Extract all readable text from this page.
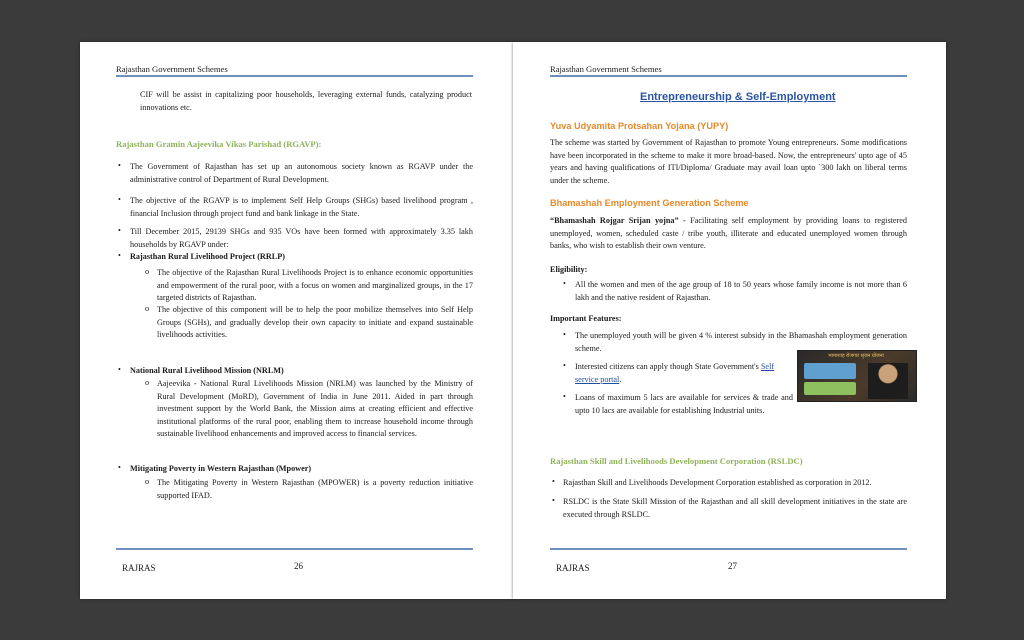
Rajasthan Government Schemes
CIF will be assist in capitalizing poor households, leveraging external funds, catalyzing product innovations etc.
Rajasthan Gramin Aajeevika Vikas Parishad (RGAVP):
• The Government of Rajasthan has set up an autonomous society known as RGAVP under the administrative control of Department of Rural Development.
• The objective of the RGAVP is to implement Self Help Groups (SHGs) based livelihood program , financial Inclusion through project fund and bank linkage in the State.
• Till December 2015, 29139 SHGs and 935 VOs have been formed with approximately 3.35 lakh households by RGAVP under:
• Rajasthan Rural Livelihood Project (RRLP)
o The objective of the Rajasthan Rural Livelihoods Project is to enhance economic opportunities and empowerment of the rural poor, with a focus on women and marginalized groups, in the 17 targeted districts of Rajasthan.
o The objective of this component will be to help the poor mobilize themselves into Self Help Groups (SGHs), and gradually develop their own capacity to initiate and expand sustainable livelihoods activities.
• National Rural Livelihood Mission (NRLM)
o Aajeevika - National Rural Livelihoods Mission (NRLM) was launched by the Ministry of Rural Development (MoRD), Government of India in June 2011. Aided in part through investment support by the World Bank, the Mission aims at creating efficient and effective institutional platforms of the rural poor, enabling them to increase household income through sustainable livelihood enhancements and improved access to financial services.
• Mitigating Poverty in Western Rajasthan (Mpower)
o The Mitigating Poverty in Western Rajasthan (MPOWER) is a poverty reduction initiative supported IFAD.
RAJRAS	26
Rajasthan Government Schemes
Entrepreneurship & Self-Employment
Yuva Udyamita Protsahan Yojana (YUPY)
The scheme was started by Government of Rajasthan to promote Young entrepreneurs. Some modifications have been incorporated in the scheme to make it more broad-based. Now, the entrepreneurs' upto age of 45 years and having qualifications of ITI/Diploma/ Graduate may avail loan upto `300 lakh on liberal terms under the scheme.
Bhamashah Employment Generation Scheme
“Bhamashah Rojgar Srijan yojna” - Facilitating self employment by providing loans to registered unemployed, women, scheduled caste / tribe youth, illiterate and educated unemployed women through banks, who wish to establish their own venture.
Eligibility:
• All the women and men of the age group of 18 to 50 years whose family income is not more than 6 lakh and the native resident of Rajasthan.
Important Features:
• The unemployed youth will be given 4 % interest subsidy in the Bhamashah employment generation scheme.
• Interested citizens can apply though State Government's Self service portal.
• Loans of maximum 5 lacs are available for services & trade and upto 10 lacs are available for establishing Industrial units.
भामाशाह रोजगार सृजन योजना
Rajasthan Skill and Livelihoods Development Corporation (RSLDC)
• Rajasthan Skill and Livelihoods Development Corporation established as corporation in 2012.
• RSLDC is the State Skill Mission of the Rajasthan and all skill development initiatives in the state are executed through RSLDC.
RAJRAS	27
